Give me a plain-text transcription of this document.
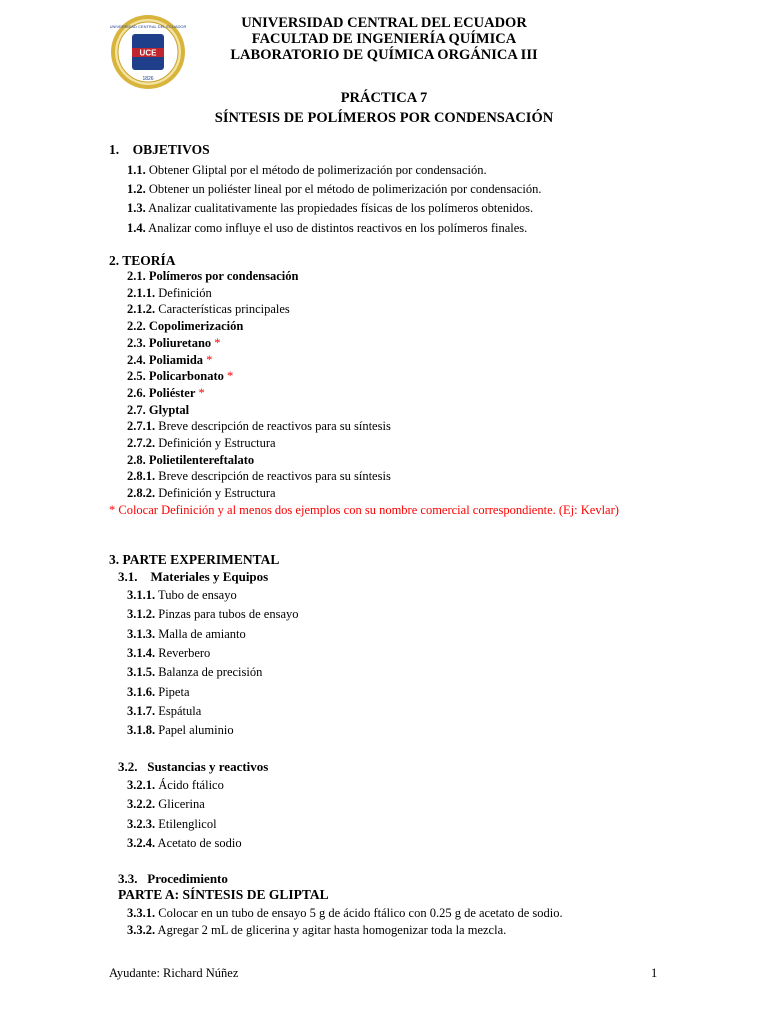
UCE
UNIVERSIDAD CENTRAL DEL ECUADOR
1826
UNIVERSIDAD CENTRAL DEL ECUADOR
FACULTAD DE INGENIERÍA QUÍMICA
LABORATORIO DE QUÍMICA ORGÁNICA III
PRÁCTICA 7
SÍNTESIS DE POLÍMEROS POR CONDENSACIÓN
1.    OBJETIVOS
1.1. Obtener Gliptal por el método de polimerización por condensación.
1.2. Obtener un poliéster lineal por el método de polimerización por condensación.
1.3. Analizar cualitativamente las propiedades físicas de los polímeros obtenidos.
1.4. Analizar como influye el uso de distintos reactivos en los polímeros finales.
2. TEORÍA
2.1. Polímeros por condensación
2.1.1. Definición
2.1.2. Características principales
2.2. Copolimerización
2.3. Poliuretano *
2.4. Poliamida *
2.5. Policarbonato *
2.6. Poliéster *
2.7. Glyptal
2.7.1. Breve descripción de reactivos para su síntesis
2.7.2. Definición y Estructura
2.8. Polietilentereftalato
2.8.1. Breve descripción de reactivos para su síntesis
2.8.2. Definición y Estructura
* Colocar Definición y al menos dos ejemplos con su nombre comercial correspondiente. (Ej: Kevlar)
3. PARTE EXPERIMENTAL
3.1.    Materiales y Equipos
3.1.1. Tubo de ensayo
3.1.2. Pinzas para tubos de ensayo
3.1.3. Malla de amianto
3.1.4. Reverbero
3.1.5. Balanza de precisión
3.1.6. Pipeta
3.1.7. Espátula
3.1.8. Papel aluminio
3.2.   Sustancias y reactivos
3.2.1. Ácido ftálico
3.2.2. Glicerina
3.2.3. Etilenglicol
3.2.4. Acetato de sodio
3.3.   Procedimiento
PARTE A: SÍNTESIS DE GLIPTAL
3.3.1. Colocar en un tubo de ensayo 5 g de ácido ftálico con 0.25 g de acetato de sodio.
3.3.2. Agregar 2 mL de glicerina y agitar hasta homogenizar toda la mezcla.
Ayudante: Richard Núñez	1
